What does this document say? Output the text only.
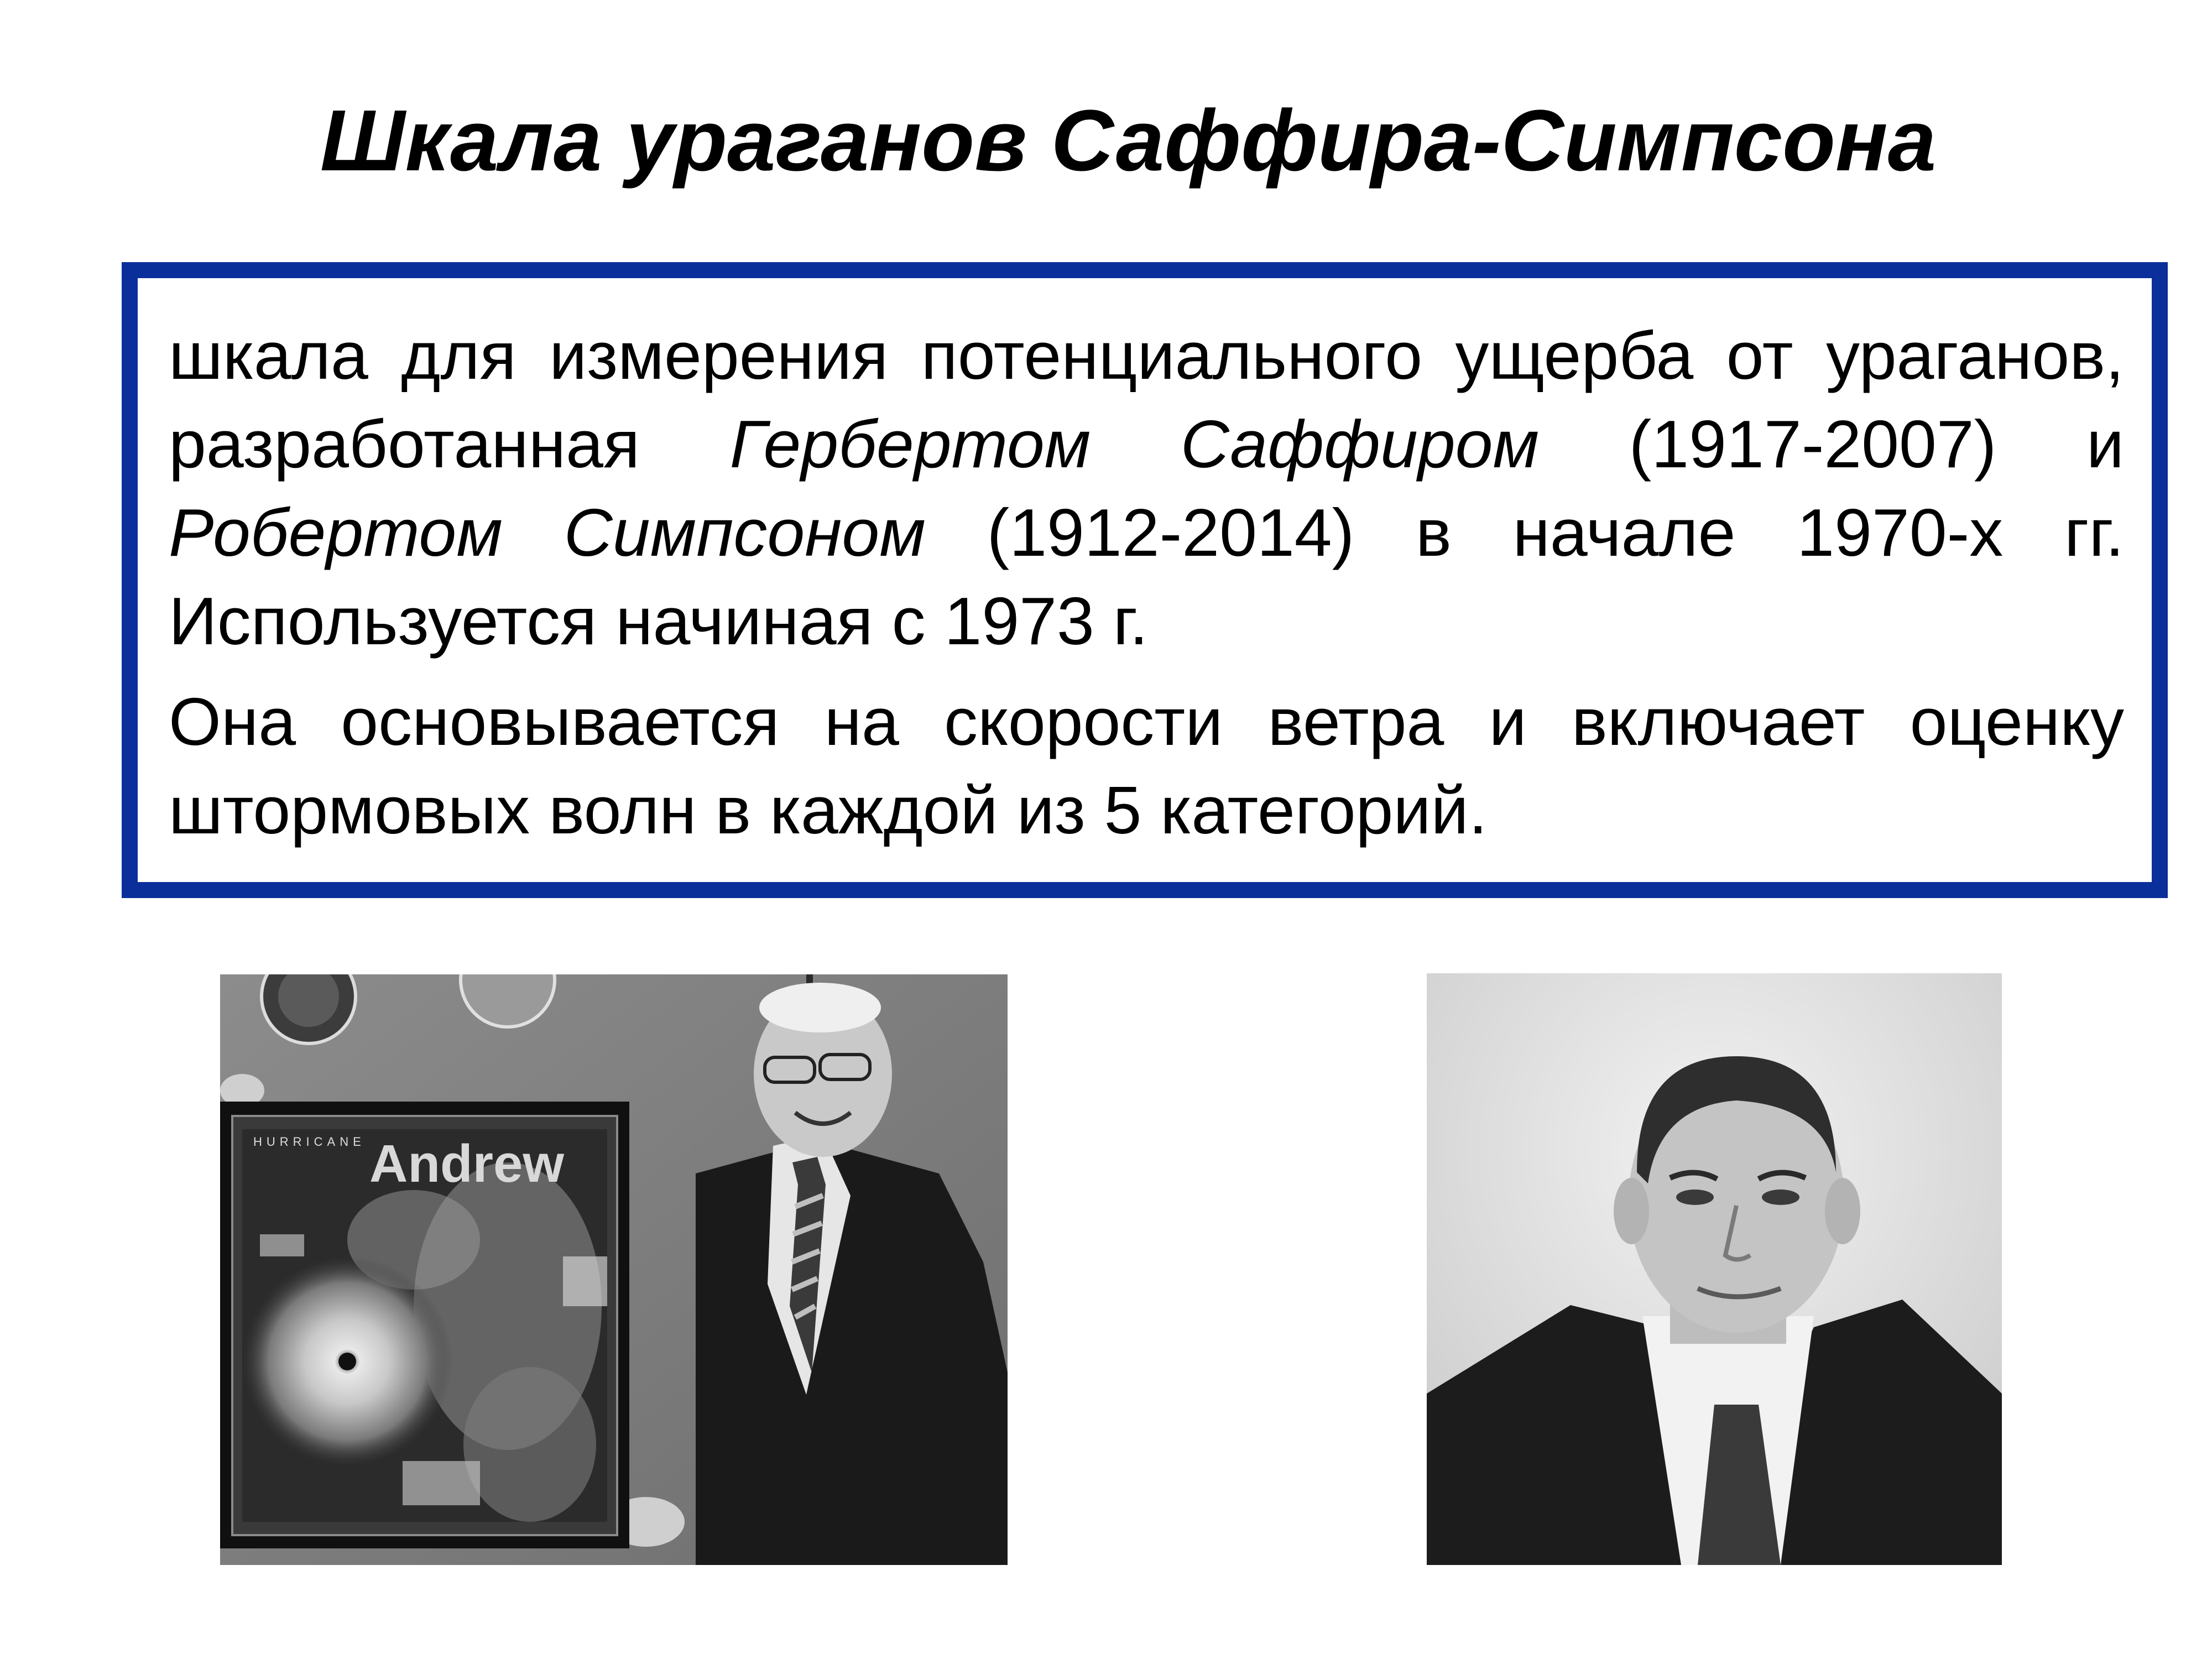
Шкала ураганов Саффира-Симпсона

шкала для измерения потенциального ущерба от ураганов, разработанная Гербертом Саффиром (1917-2007) и Робертом Симпсоном (1912-2014) в начале 1970-х гг. Используется начиная с 1973 г.

Она основывается на скорости ветра и включает оценку штормовых волн в каждой из 5 категорий.

HURRICANE Andrew
